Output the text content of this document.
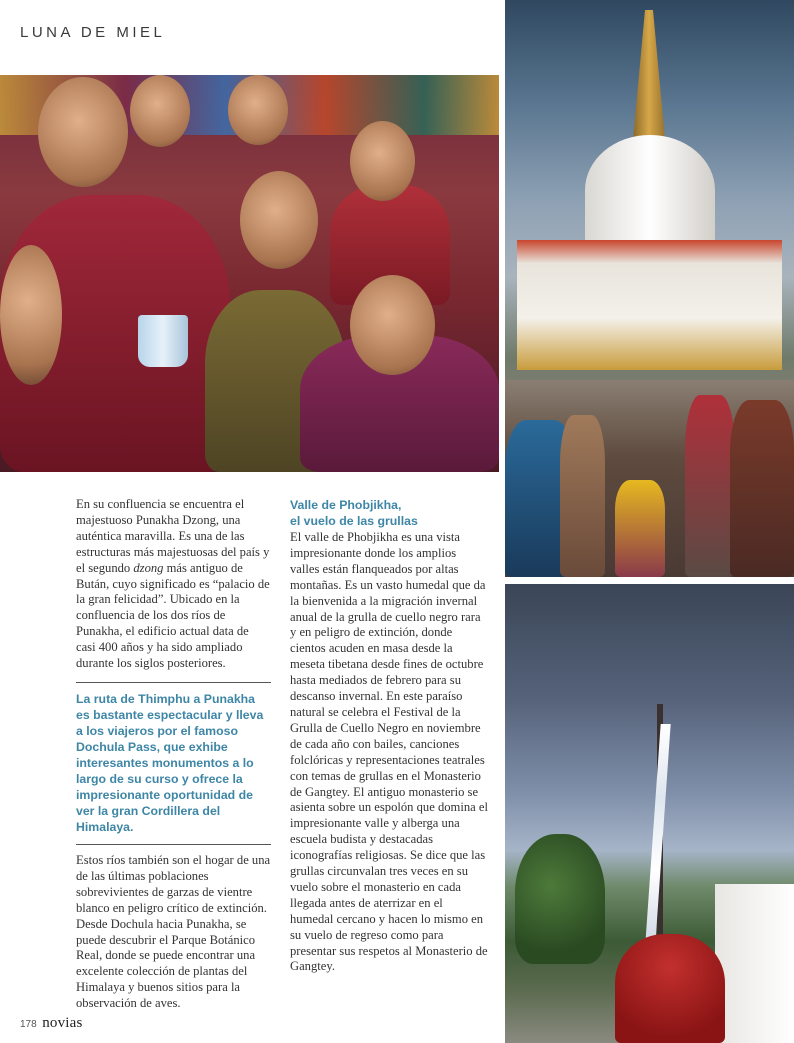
LUNA DE MIEL

En su confluencia se encuentra el majestuoso Punakha Dzong, una auténtica maravilla. Es una de las estructuras más majestuosas del país y el segundo dzong más antiguo de Bután, cuyo significado es “palacio de la gran felicidad”. Ubicado en la confluencia de los dos ríos de Punakha, el edificio actual data de casi 400 años y ha sido ampliado durante los siglos posteriores.

La ruta de Thimphu a Punakha es bastante espectacular y lleva a los viajeros por el famoso Dochula Pass, que exhibe interesantes monumentos a lo largo de su curso y ofrece la impresionante oportunidad de ver la gran Cordillera del Himalaya.

Estos ríos también son el hogar de una de las últimas poblaciones sobrevivientes de garzas de vientre blanco en peligro crítico de extinción. Desde Dochula hacia Punakha, se puede descubrir el Parque Botánico Real, donde se puede encontrar una excelente colección de plantas del Himalaya y buenos sitios para la observación de aves.

Valle de Phobjikha,
el vuelo de las grullas

El valle de Phobjikha es una vista impresionante donde los amplios valles están flanqueados por altas montañas. Es un vasto humedal que da la bienvenida a la migración invernal anual de la grulla de cuello negro rara y en peligro de extinción, donde cientos acuden en masa desde la meseta tibetana desde fines de octubre hasta mediados de febrero para su descanso invernal. En este paraíso natural se celebra el Festival de la Grulla de Cuello Negro en noviembre de cada año con bailes, canciones folclóricas y representaciones teatrales con temas de grullas en el Monasterio de Gangtey. El antiguo monasterio se asienta sobre un espolón que domina el impresionante valle y alberga una escuela budista y destacadas iconografías religiosas. Se dice que las grullas circunvalan tres veces en su vuelo sobre el monasterio en cada llegada antes de aterrizar en el humedal cercano y hacen lo mismo en su vuelo de regreso como para presentar sus respetos al Monasterio de Gangtey.

178 novias
